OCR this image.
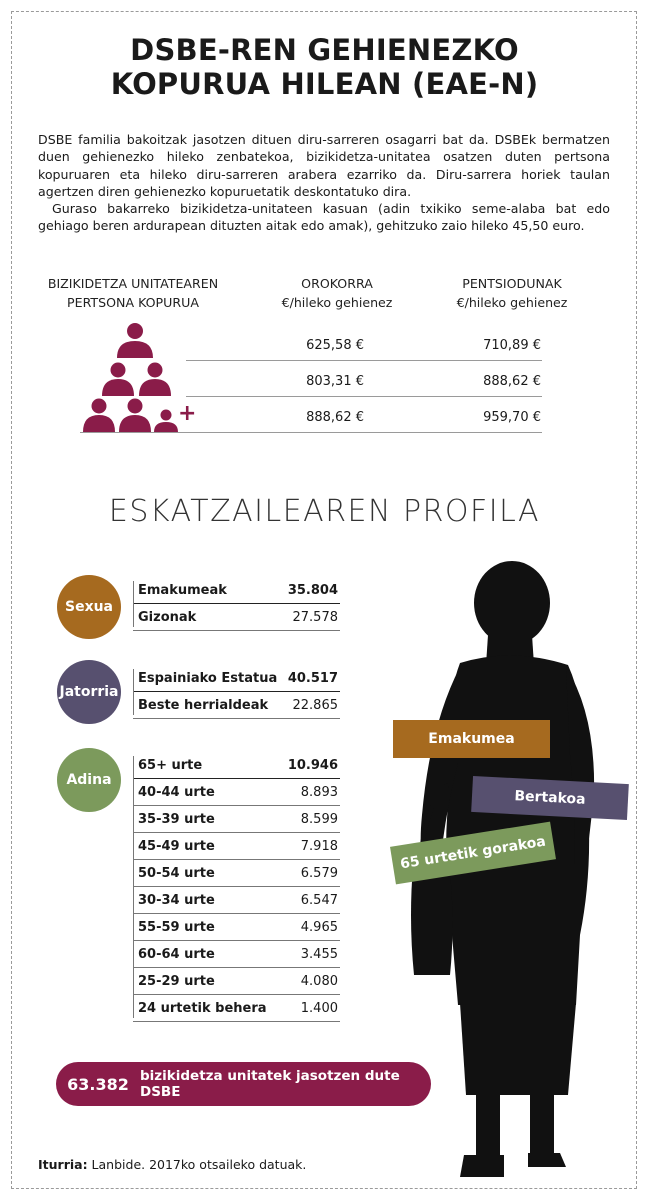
DSBE-REN GEHIENEZKO
KOPURUA HILEAN (EAE-N)

DSBE familia bakoitzak jasotzen dituen diru-sarreren osagarri bat da. DSBEk bermatzen duen gehienezko hileko zenbatekoa, bizikidetza-unitatea osatzen duten pertsona kopuruaren eta hileko diru-sarreren arabera ezarriko da. Diru-sarrera horiek taulan agertzen diren gehienezko kopuruetatik deskontatuko dira.

Guraso bakarreko bizikidetza-unitateen kasuan (adin txikiko seme-alaba bat edo gehiago beren ardurapean dituzten aitak edo amak), gehitzuko zaio hileko 45,50 euro.

BIZIKIDETZA UNITATEAREN
PERTSONA KOPURUA
OROKORRA
€/hileko gehienez
PENTSIODUNAK
€/hileko gehienez
625,58 €	710,89 €
803,31 €	888,62 €
+	888,62 €	959,70 €
ESKATZAILEAREN PROFILA
Sexua
Emakumeak	35.804
Gizonak	27.578
Jatorria
Espainiako Estatua 40.517
Beste herrialdeak 22.865
Adina
65+ urte	10.946
40-44 urte	8.893
35-39 urte	8.599
45-49 urte	7.918
50-54 urte	6.579
30-34 urte	6.547
55-59 urte	4.965
60-64 urte	3.455
25-29 urte	4.080
24 urtetik behera	1.400
Emakumea
Bertakoa
65 urtetik gorakoa
63.382 bizikidetza unitatek jasotzen dute DSBE
Iturria: Lanbide. 2017ko otsaileko datuak.
